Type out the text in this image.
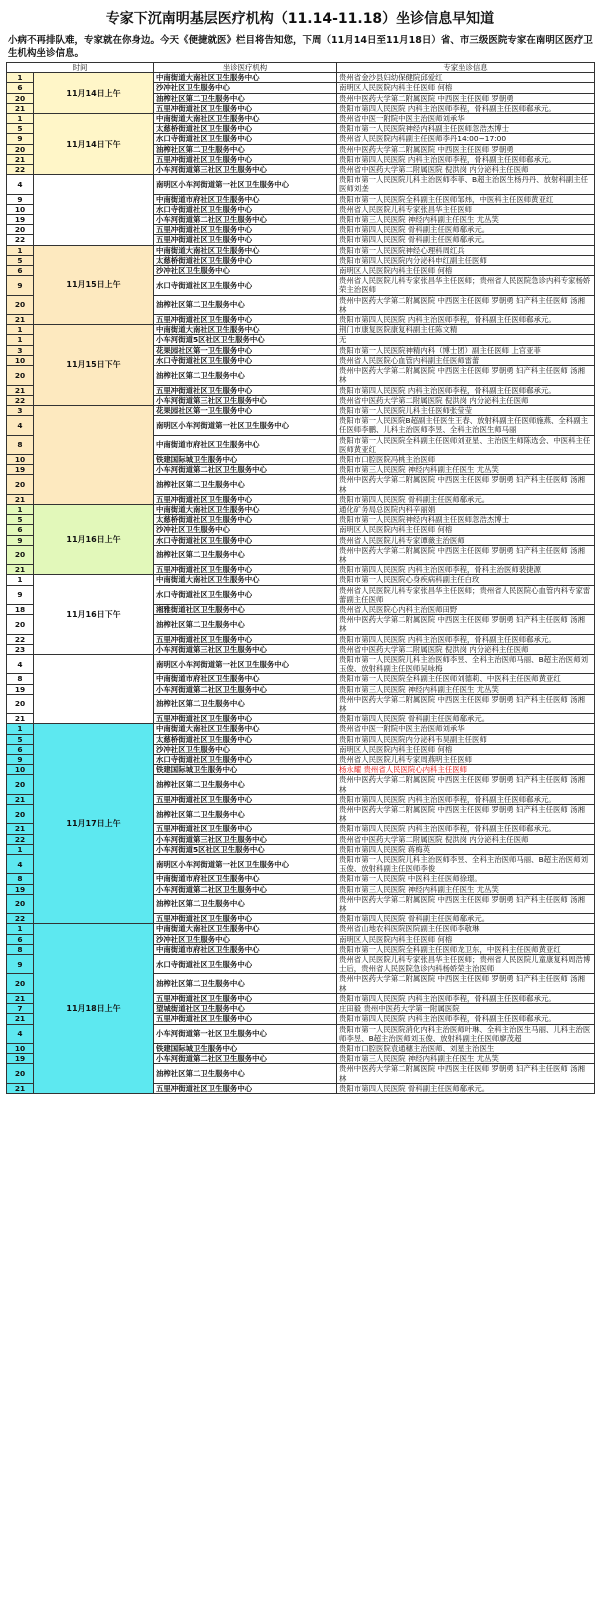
专家下沉南明基层医疗机构（11.14-11.18）坐诊信息早知道
小病不再排队难，专家就在你身边。今天《便捷就医》栏目将告知您，下周（11月14日至11月18日）省、市三级医院专家在南明区医疗卫生机构坐诊信息。
时间		坐诊医疗机构	专家坐诊信息
1	11月14日上午	中南街道大南社区卫生服务中心	贵州省金沙县妇幼保健院邱爱红
6		沙冲社区卫生服务中心	南明区人民医院内科主任医师 何榕
20		油榨社区第二卫生服务中心	贵州中医药大学第二附属医院 中西医主任医师 罗朝勇
21		五里冲街道社区卫生服务中心	贵阳市第四人民医院 内科主治医师李程，骨科副主任医师郗承元。
1	11月14日下午	中南街道大南社区卫生服务中心	贵州省中医一附院中医主治医师刘承华
5		太慈桥街道社区卫生服务中心	贵阳市第一人民医院神经内科副主任医师忽浩杰博士
9		水口寺街道社区卫生服务中心	贵州省人民医院内科副主任医师李丹14:00~17:00
20		油榨社区第二卫生服务中心	贵州中医药大学第二附属医院 中西医主任医师 罗朝勇
21		五里冲街道社区卫生服务中心	贵阳市第四人民医院 内科主治医师李程，骨科副主任医师郗承元。
22		小车河街道第三社区卫生服务中心	贵州省中医药大学第二附属医院 倪洪岗 内分泌科主任医师
4		南明区小车河街道第一社区卫生服务中心	贵阳市第一人民医院儿科主治医师李菲、B超主治医生杨丹丹、放射科副主任医师刘垄
9		中南街道市府社区卫生服务中心	贵阳市第一人民医院全科副主任医师邹炜，中医科主任医师黄亚红
10		水口寺街道社区卫生服务中心	贵州省人民医院儿科专家张昌华主任医师
19		小车河街道第二社区卫生服务中心	贵阳市第三人民医院 神经内科副主任医生 尤丛笑
20		五里冲街道社区卫生服务中心	贵阳市第四人民医院 骨科副主任医师郗承元。
22		五里冲街道社区卫生服务中心	贵阳市第四人民医院 骨科副主任医师郗承元。
1	11月15日上午	中南街道大南社区卫生服务中心	贵阳市第一人民医院神经心理科周红兵
5		太慈桥街道社区卫生服务中心	贵阳市第四人民医院内分泌科申红副主任医师
6		沙冲社区卫生服务中心	南明区人民医院内科主任医师 何榕
9		水口寺街道社区卫生服务中心	贵州省人民医院儿科专家张昌华主任医师；贵州省人民医院急诊内科专家杨娇荣主治医师
20		油榨社区第二卫生服务中心	贵州中医药大学第二附属医院 中西医主任医师 罗朝勇 妇产科主任医师 汤湘林
21		五里冲街道社区卫生服务中心	贵阳市第四人民医院 内科主治医师李程，骨科副主任医师郗承元。
1	11月15日下午	中南街道大南社区卫生服务中心	荆门市康复医院康复科副主任陈文精
1		小车河街道5区社区卫生服务中心	无
3		花果园社区第一卫生服务中心	贵阳市第一人民医院神精内科（博士团）副主任医师 上官亚菲
10		水口寺街道社区卫生服务中心	贵州省人民医院心血管内科副主任医师雷蕾
20		油榨社区第二卫生服务中心	贵州中医药大学第二附属医院 中西医主任医师 罗朝勇 妇产科主任医师 汤湘林
21		五里冲街道社区卫生服务中心	贵阳市第四人民医院 内科主治医师李程，骨科副主任医师郗承元。
22		小车河街道第三社区卫生服务中心	贵州省中医药大学第二附属医院 倪洪岗 内分泌科主任医师
3		花果园社区第一卫生服务中心	贵阳市第一人民医院儿科主任医师张莹莹
4		南明区小车河街道第一社区卫生服务中心	贵阳市第一人民医院B超副主任医生王春、放射科副主任医师施燕、全科副主任医师李鹏、儿科主治医师李昱、全科主治医生师马丽
8		中南街道市府社区卫生服务中心	贵阳市第一人民医院全科副主任医师刘亚星、主治医生师陈选会、中医科主任医师黄亚红
10		铁建国际城卫生服务中心	贵阳市口腔医院冯桃主治医师
19		小车河街道第二社区卫生服务中心	贵阳市第三人民医院 神经内科副主任医生 尤丛笑
20		油榨社区第二卫生服务中心	贵州中医药大学第二附属医院 中西医主任医师 罗朝勇 妇产科主任医师 汤湘林
21		五里冲街道社区卫生服务中心	贵阳市第四人民医院 骨科副主任医师郗承元。
1	11月16日上午	中南街道大南社区卫生服务中心	通化矿务局总医院内科辛丽娟
5		太慈桥街道社区卫生服务中心	贵阳市第一人民医院神经内科副主任医师忽浩杰博士
6		沙冲社区卫生服务中心	南明区人民医院内科主任医师 何榕
9		水口寺街道社区卫生服务中心	贵州省人民医院儿科专家谭薇主治医师
20		油榨社区第二卫生服务中心	贵州中医药大学第二附属医院 中西医主任医师 罗朝勇 妇产科主任医师 汤湘林
21		五里冲街道社区卫生服务中心	贵阳市第四人民医院 内科主治医师李程，骨科主治医师裴捷源
1	11月16日下午	中南街道大南社区卫生服务中心	贵阳市第一人民医院心身疾病科副主任白玫
9		水口寺街道社区卫生服务中心	贵州省人民医院儿科专家张昌华主任医师；贵州省人民医院心血管内科专家雷蕾副主任医师
18		湘雅街道社区卫生服务中心	贵州省人民医院心内科主治医师田野
20		油榨社区第二卫生服务中心	贵州中医药大学第二附属医院 中西医主任医师 罗朝勇 妇产科主任医师 汤湘林
22		五里冲街道社区卫生服务中心	贵阳市第四人民医院 内科主治医师李程，骨科副主任医师郗承元。
23		小车河街道第三社区卫生服务中心	贵州省中医药大学第二附属医院 倪洪岗 内分泌科主任医师
4		南明区小车河街道第一社区卫生服务中心	贵阳市第一人民医院儿科主治医师李昱、全科主治医师马丽、B超主治医师刘玉俊、放射科副主任医师吴咏梅
8		中南街道市府社区卫生服务中心	贵阳市第一人民医院全科副主任医师刘德莉、中医科主任医师黄亚红
19		小车河街道第二社区卫生服务中心	贵阳市第三人民医院 神经内科副主任医生 尤丛笑
20		油榨社区第二卫生服务中心	贵州中医药大学第二附属医院 中西医主任医师 罗朝勇 妇产科主任医师 汤湘林
21		五里冲街道社区卫生服务中心	贵阳市第四人民医院 骨科副主任医师郗承元。
1	11月17日上午	中南街道大南社区卫生服务中心	贵州省中医一附院中医主治医师刘承华
5		太慈桥街道社区卫生服务中心	贵阳市第四人民医院内分泌科韦昊副主任医师
6		沙冲社区卫生服务中心	南明区人民医院内科主任医师 何榕
9		水口寺街道社区卫生服务中心	贵州省人民医院儿科专家周燕明主任医师
10		铁建国际城卫生服务中心	杨永耀 贵州省人民医院心内科主任医师
20		油榨社区第二卫生服务中心	贵州中医药大学第二附属医院 中西医主任医师 罗朝勇 妇产科主任医师 汤湘林
21		五里冲街道社区卫生服务中心	贵阳市第四人民医院 内科主治医师李程，骨科副主任医师郗承元。
20		油榨社区第二卫生服务中心	贵州中医药大学第二附属医院 中西医主任医师 罗朝勇 妇产科主任医师 汤湘林
21		五里冲街道社区卫生服务中心	贵阳市第四人民医院 内科主治医师李程，骨科副主任医师郗承元。
22		小车河街道第三社区卫生服务中心	贵州省中医药大学第二附属医院 倪洪岗 内分泌科主任医师
1		小车河街道5区社区卫生服务中心	贵阳市第四人民医院 蒋梅英
4		南明区小车河街道第一社区卫生服务中心	贵阳市第一人民医院儿科主治医师李昱、全科主治医师马丽、B超主治医师刘玉俊、放射科副主任医师李俊
8		中南街道市府社区卫生服务中心	贵阳市第一人民医院 中医科主任医师徐璟。
19		小车河街道第二社区卫生服务中心	贵阳市第三人民医院 神经内科副主任医生 尤丛笑
20		油榨社区第二卫生服务中心	贵州中医药大学第二附属医院 中西医主任医师 罗朝勇 妇产科主任医师 汤湘林
22		五里冲街道社区卫生服务中心	贵阳市第四人民医院 骨科副主任医师郗承元。
1	11月18日上午	中南街道大南社区卫生服务中心	贵州省山地农科医院医院副主任医师李敬琳
6		沙冲社区卫生服务中心	南明区人民医院内科主任医师 何榕
8		中南街道市府社区卫生服务中心	贵阳市第一人民医院全科副主任医师龙卫东，中医科主任医师黄亚红
9		水口寺街道社区卫生服务中心	贵州省人民医院儿科专家张昌华主任医师；贵州省人民医院儿童康复科周浩博士后，贵州省人民医院急诊内科杨娇荣主治医师
20		油榨社区第二卫生服务中心	贵州中医药大学第二附属医院 中西医主任医师 罗朝勇 妇产科主任医师 汤湘林
21		五里冲街道社区卫生服务中心	贵阳市第四人民医院 内科主治医师李程，骨科副主任医师郗承元。
7		望城街道社区卫生服务中心	庄田毅 贵州中医药大学第一附属医院
21		五里冲街道社区卫生服务中心	贵阳市第四人民医院 内科主治医师李程，骨科副主任医师郗承元。
4		小车河街道第一社区卫生服务中心	贵阳市第一人民医院消化内科主治医师叶琳、全科主治医生马丽、儿科主治医师李昱、B超主治医师刘玉俊、放射科副主任医师廖茂超
10		铁建国际城卫生服务中心	贵阳市口腔医院袁通穗主治医师、刘星主治医生
19		小车河街道第二社区卫生服务中心	贵阳市第三人民医院 神经内科副主任医生 尤丛笑
20		油榨社区第二卫生服务中心	贵州中医药大学第二附属医院 中西医主任医师 罗朝勇 妇产科主任医师 汤湘林
21		五里冲街道社区卫生服务中心	贵阳市第四人民医院 骨科副主任医师郗承元。
